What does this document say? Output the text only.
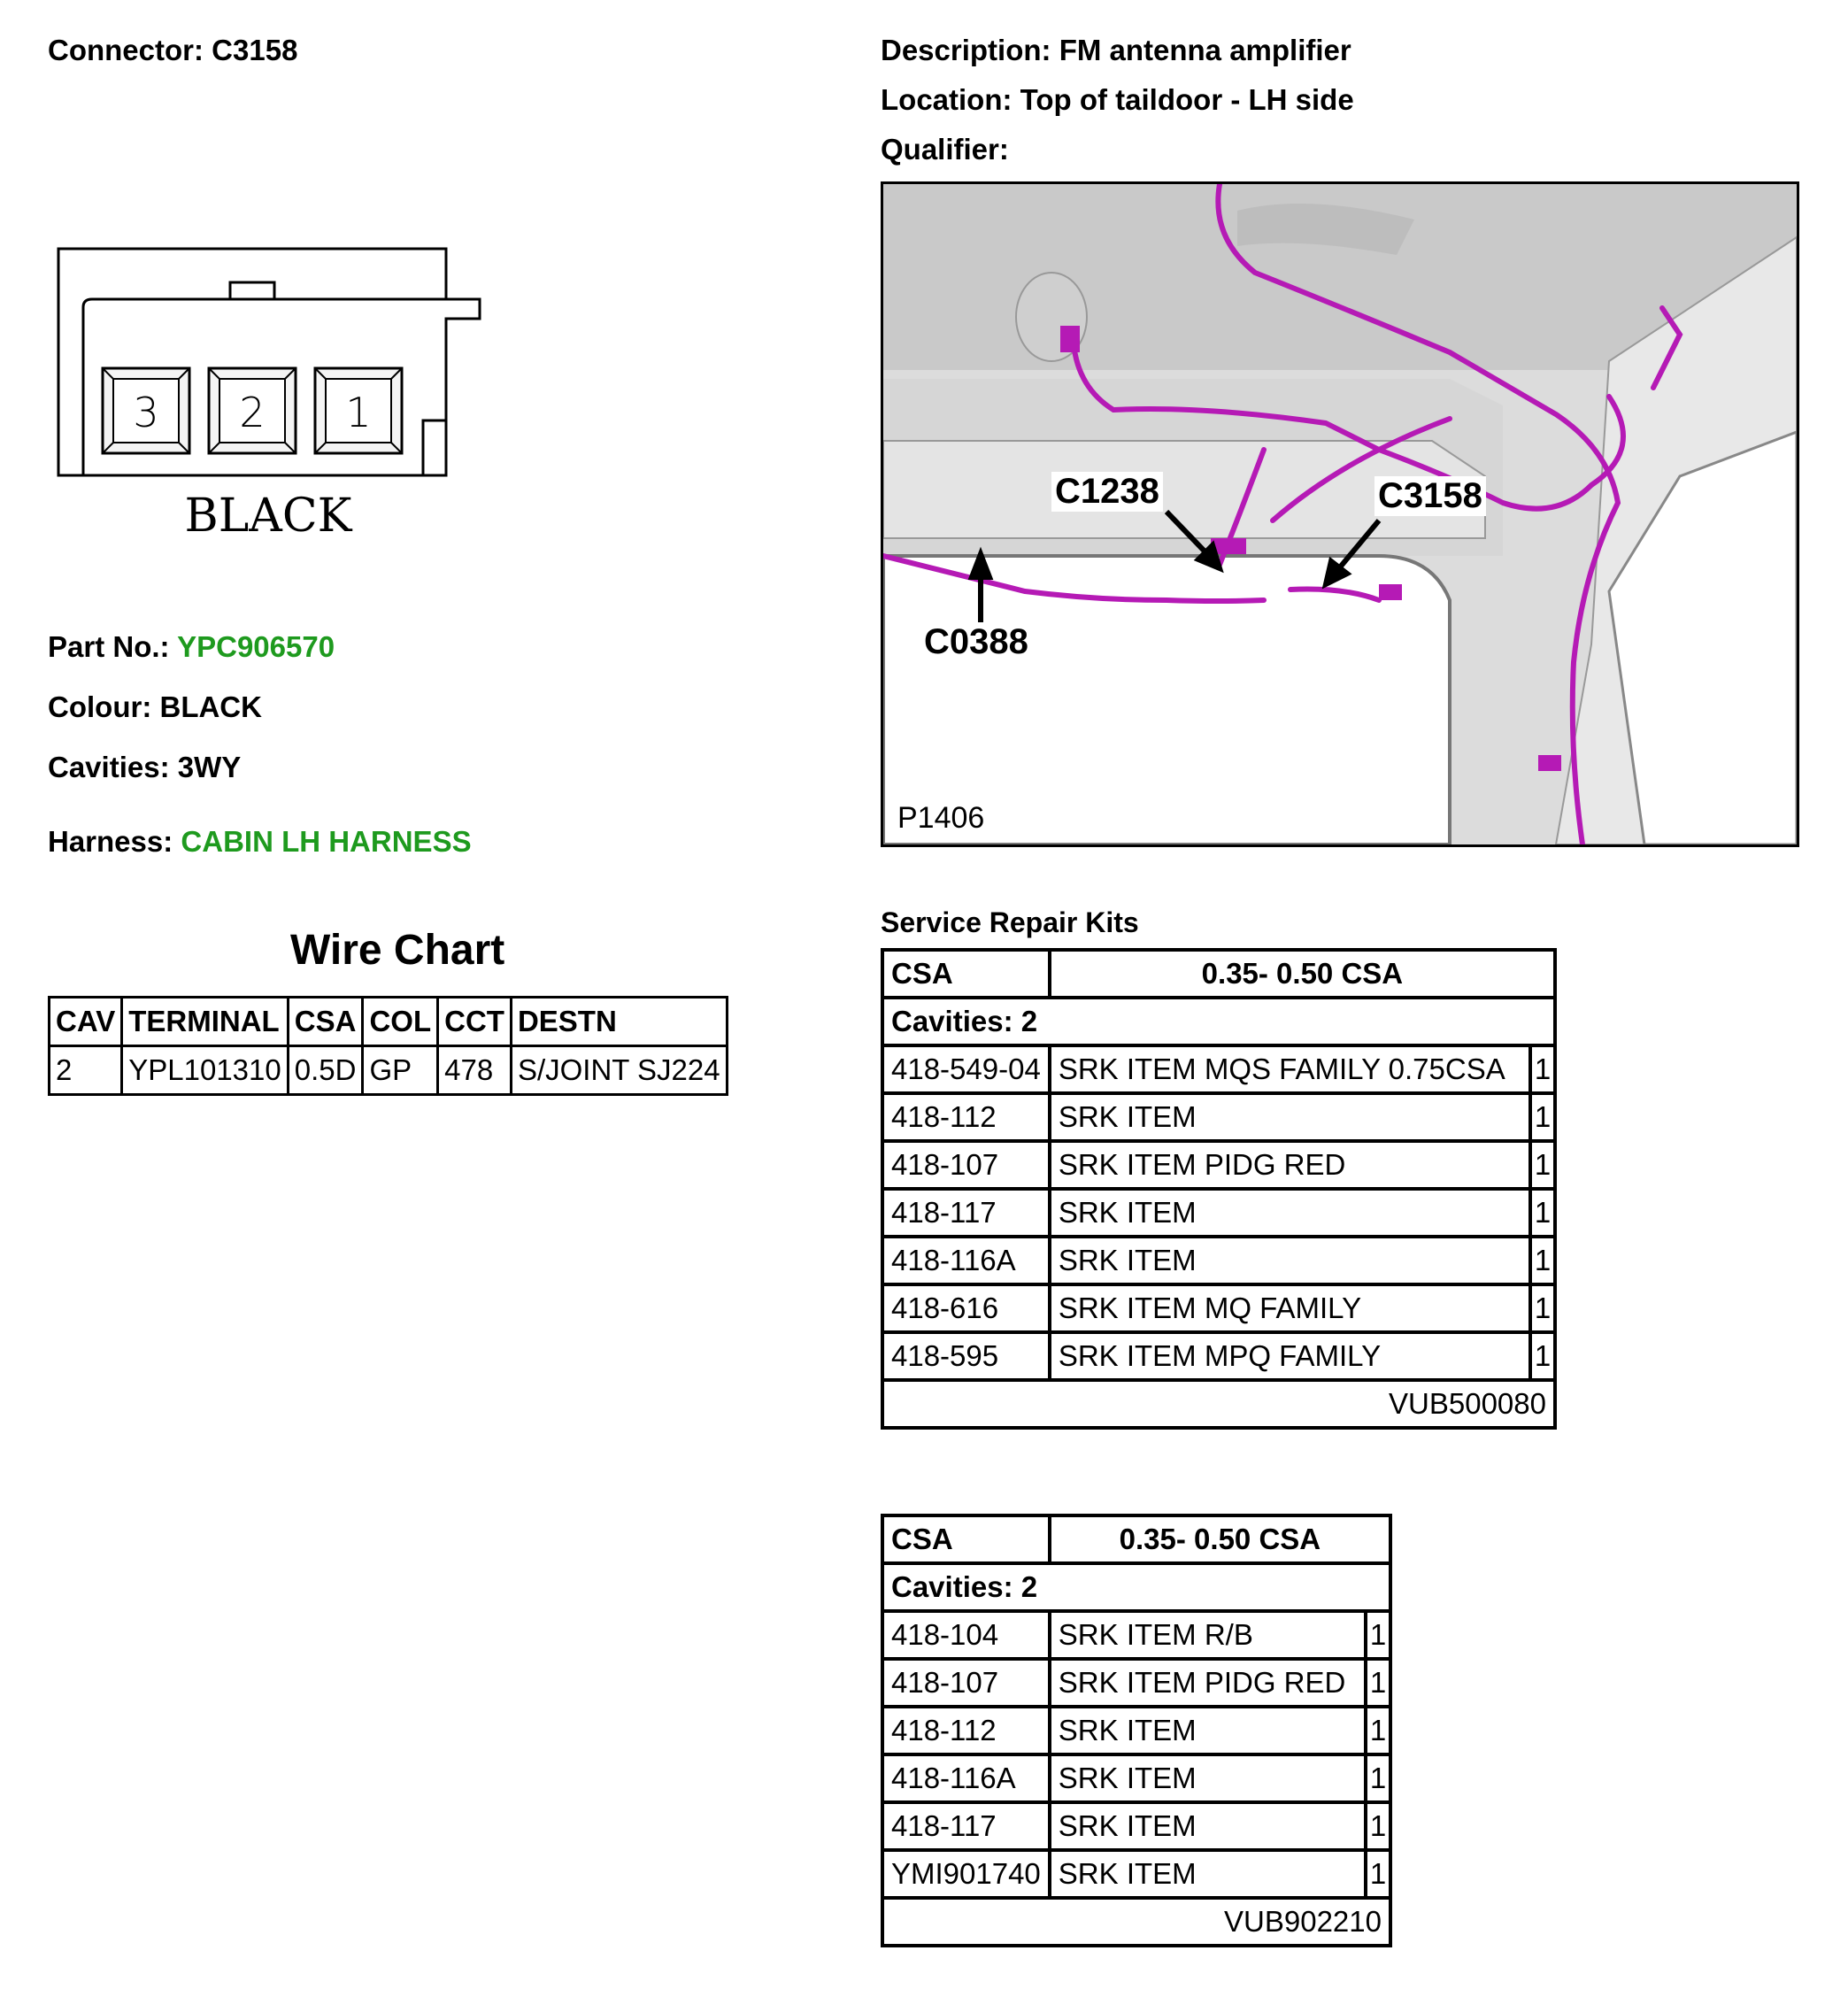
Connector: C3158	Description: FM antenna amplifier
Location: Top of taildoor - LH side
Qualifier:
3 2 1
BLACK
Part No.: YPC906570
Colour: BLACK
Cavities: 3WY
Harness: CABIN LH HARNESS
C1238	C3158
C0388
P1406
Wire Chart
CAV	TERMINAL	CSA	COL	CCT	DESTN
2	YPL101310	0.5D	GP	478	S/JOINT SJ224
Service Repair Kits
CSA	0.35- 0.50 CSA	
Cavities: 2		
418-549-04	SRK ITEM MQS FAMILY 0.75CSA	1
418-112	SRK ITEM	1
418-107	SRK ITEM PIDG RED	1
418-117	SRK ITEM	1
418-116A	SRK ITEM	1
418-616	SRK ITEM MQ FAMILY	1
418-595	SRK ITEM MPQ FAMILY	1
VUB500080		
CSA	0.35- 0.50 CSA	
Cavities: 2		
418-104	SRK ITEM R/B	1
418-107	SRK ITEM PIDG RED	1
418-112	SRK ITEM	1
418-116A	SRK ITEM	1
418-117	SRK ITEM	1
YMI901740	SRK ITEM	1
VUB902210		
